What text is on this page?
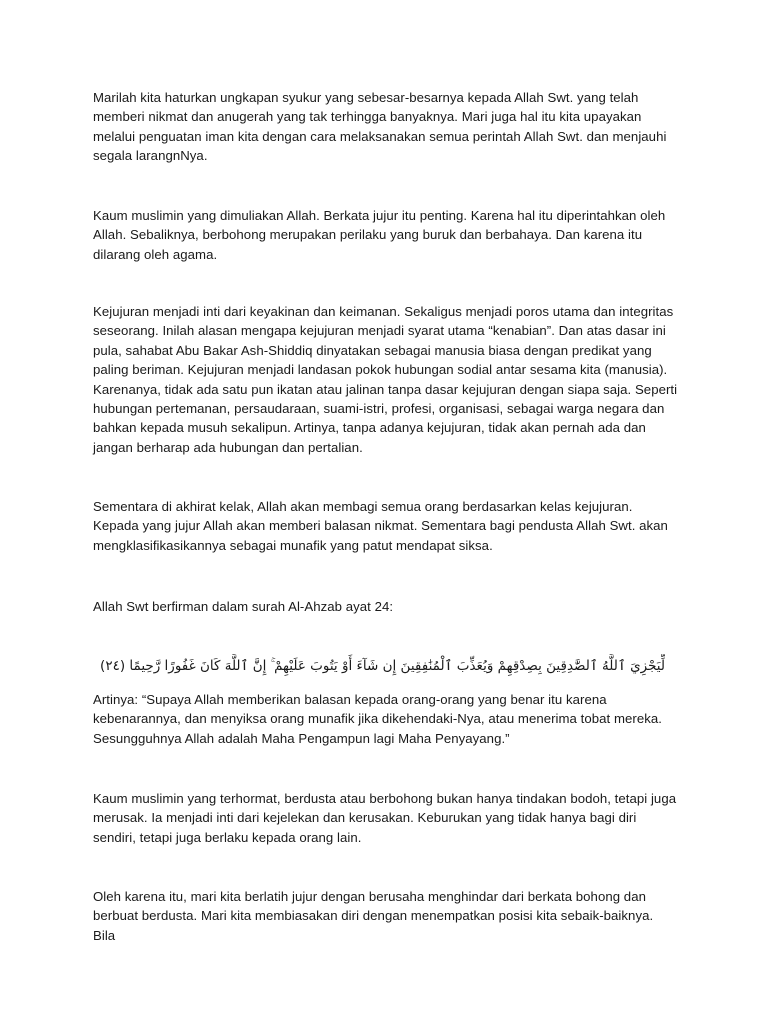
Marilah kita haturkan ungkapan syukur yang sebesar-besarnya kepada Allah Swt. yang telah memberi nikmat dan anugerah yang tak terhingga banyaknya. Mari juga hal itu kita upayakan melalui penguatan iman kita dengan cara melaksanakan semua perintah Allah Swt. dan menjauhi segala larangnNya.

Kaum muslimin yang dimuliakan Allah. Berkata jujur itu penting. Karena hal itu diperintahkan oleh Allah. Sebaliknya, berbohong merupakan perilaku yang buruk dan berbahaya. Dan karena itu dilarang oleh agama.

Kejujuran menjadi inti dari keyakinan dan keimanan. Sekaligus menjadi poros utama dan integritas seseorang. Inilah alasan mengapa kejujuran menjadi syarat utama “kenabian”. Dan atas dasar ini pula, sahabat Abu Bakar Ash-Shiddiq dinyatakan sebagai manusia biasa dengan predikat yang paling beriman. Kejujuran menjadi landasan pokok hubungan sodial antar sesama kita (manusia). Karenanya, tidak ada satu pun ikatan atau jalinan tanpa dasar kejujuran dengan siapa saja. Seperti hubungan pertemanan, persaudaraan, suami-istri, profesi, organisasi, sebagai warga negara dan bahkan kepada musuh sekalipun. Artinya, tanpa adanya kejujuran, tidak akan pernah ada dan jangan berharap ada hubungan dan pertalian.

Sementara di akhirat kelak, Allah akan membagi semua orang berdasarkan kelas kejujuran. Kepada yang jujur Allah akan memberi balasan nikmat. Sementara bagi pendusta Allah Swt. akan mengklasifikasikannya sebagai munafik yang patut mendapat siksa.

Allah Swt berfirman dalam surah Al-Ahzab ayat 24:

لِّيَجْزِيَ ٱللَّهُ ٱلصَّٰدِقِينَ بِصِدْقِهِمْ وَيُعَذِّبَ ٱلْمُنَٰفِقِينَ إِن شَآءَ أَوْ يَتُوبَ عَلَيْهِمْ ۚ إِنَّ ٱللَّهَ كَانَ غَفُورًا رَّحِيمًا (٢٤)

Artinya: “Supaya Allah memberikan balasan kepada orang-orang yang benar itu karena kebenarannya, dan menyiksa orang munafik jika dikehendaki-Nya, atau menerima tobat mereka. Sesungguhnya Allah adalah Maha Pengampun lagi Maha Penyayang.”

Kaum muslimin yang terhormat, berdusta atau berbohong bukan hanya tindakan bodoh, tetapi juga merusak. Ia menjadi inti dari kejelekan dan kerusakan. Keburukan yang tidak hanya bagi diri sendiri, tetapi juga berlaku kepada orang lain.

Oleh karena itu, mari kita berlatih jujur dengan berusaha menghindar dari berkata bohong dan berbuat berdusta. Mari kita membiasakan diri dengan menempatkan posisi kita sebaik-baiknya. Bila
